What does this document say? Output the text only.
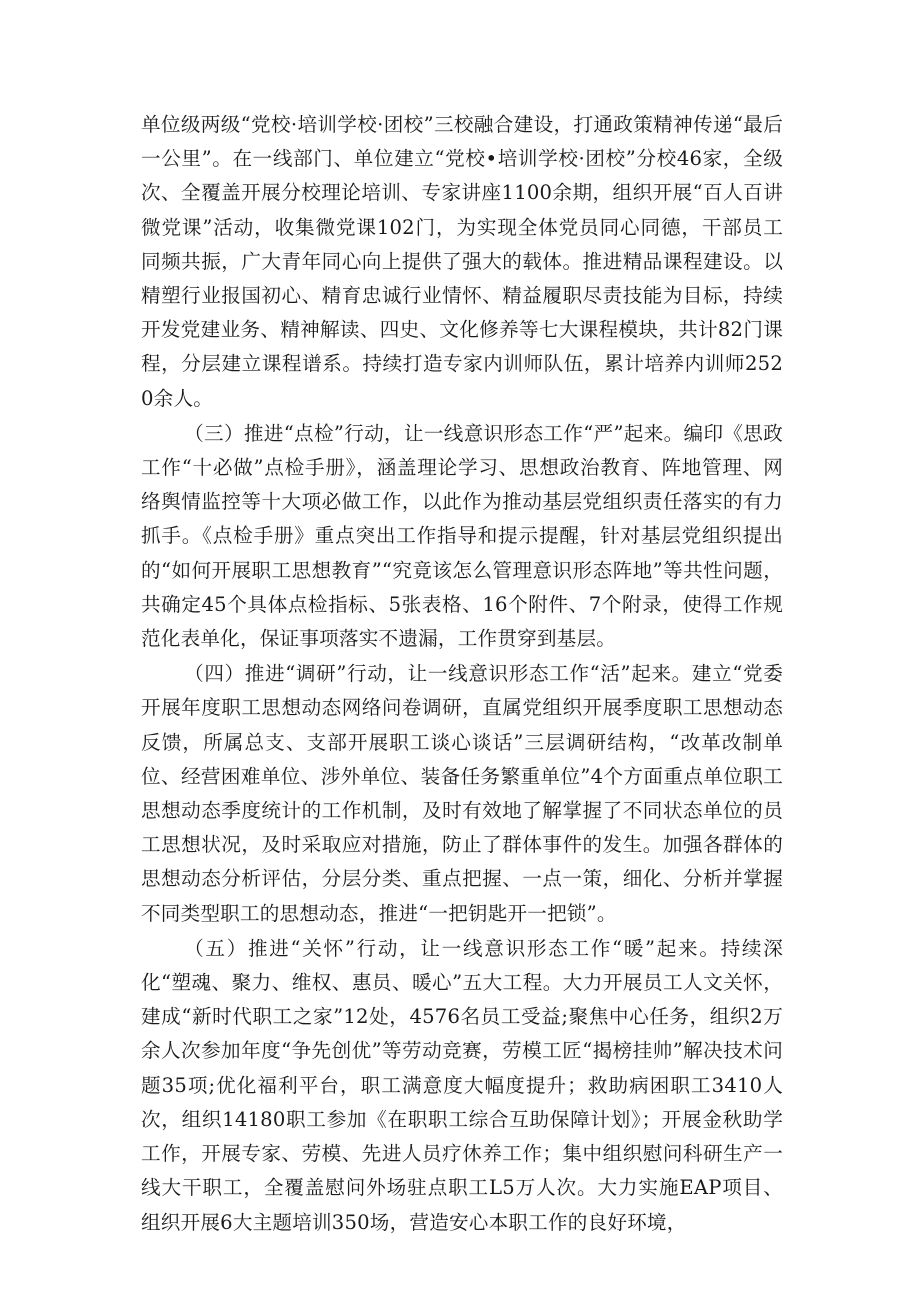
单位级两级“党校·培训学校·团校”三校融合建设，打通政策精神传递“最后一公里”。在一线部门、单位建立“党校•培训学校·团校”分校46家，全级次、全覆盖开展分校理论培训、专家讲座1100余期，组织开展“百人百讲微党课”活动，收集微党课102门，为实现全体党员同心同德，干部员工同频共振，广大青年同心向上提供了强大的载体。推进精品课程建设。以精塑行业报国初心、精育忠诚行业情怀、精益履职尽责技能为目标，持续开发党建业务、精神解读、四史、文化修养等七大课程模块，共计82门课程，分层建立课程谱系。持续打造专家内训师队伍，累计培养内训师2520余人。

（三）推进“点检”行动，让一线意识形态工作“严”起来。编印《思政工作“十必做”点检手册》，涵盖理论学习、思想政治教育、阵地管理、网络舆情监控等十大项必做工作，以此作为推动基层党组织责任落实的有力抓手。《点检手册》重点突出工作指导和提示提醒，针对基层党组织提出的“如何开展职工思想教育”“究竟该怎么管理意识形态阵地”等共性问题，共确定45个具体点检指标、5张表格、16个附件、7个附录，使得工作规范化表单化，保证事项落实不遗漏，工作贯穿到基层。

（四）推进“调研”行动，让一线意识形态工作“活”起来。建立“党委开展年度职工思想动态网络问卷调研，直属党组织开展季度职工思想动态反馈，所属总支、支部开展职工谈心谈话”三层调研结构，“改革改制单位、经营困难单位、涉外单位、装备任务繁重单位”4个方面重点单位职工思想动态季度统计的工作机制，及时有效地了解掌握了不同状态单位的员工思想状况，及时采取应对措施，防止了群体事件的发生。加强各群体的思想动态分析评估，分层分类、重点把握、一点一策，细化、分析并掌握不同类型职工的思想动态，推进“一把钥匙开一把锁”。

（五）推进“关怀”行动，让一线意识形态工作“暖”起来。持续深化“塑魂、聚力、维权、惠员、暖心”五大工程。大力开展员工人文关怀，建成“新时代职工之家”12处，4576名员工受益;聚焦中心任务，组织2万余人次参加年度“争先创优”等劳动竞赛，劳模工匠“揭榜挂帅”解决技术问题35项;优化福利平台，职工满意度大幅度提升；救助病困职工3410人次，组织14180职工参加《在职职工综合互助保障计划》；开展金秋助学工作，开展专家、劳模、先进人员疗休养工作；集中组织慰问科研生产一线大干职工，全覆盖慰问外场驻点职工L5万人次。大力实施EAP项目、组织开展6大主题培训350场，营造安心本职工作的良好环境，
